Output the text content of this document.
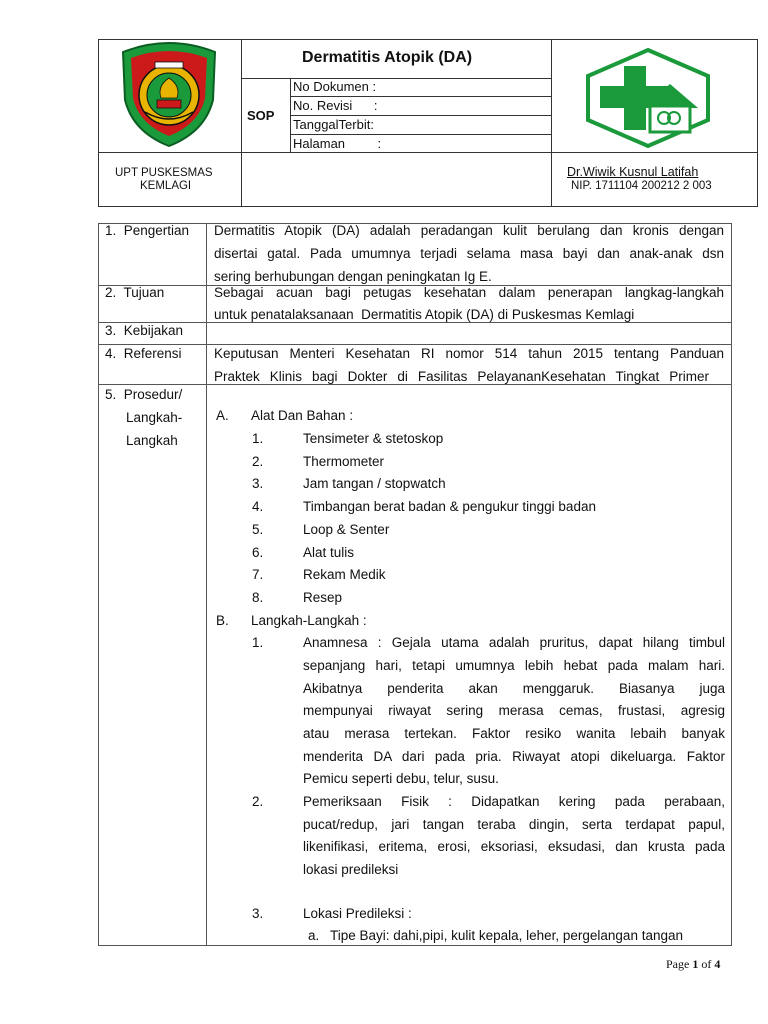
Dermatitis Atopik (DA)
SOP
No Dokumen :
No. Revisi      :
TanggalTerbit:
Halaman         :
UPT PUSKESMAS
KEMLAGI
Dr.Wiwik Kusnul Latifah
NIP. 1711104 200212 2 003
1.  Pengertian Dermatitis Atopik (DA) adalah peradangan kulit berulang dan kronis dengan
disertai gatal. Pada umumnya terjadi selama masa bayi dan anak-anak dsn
sering berhubungan dengan peningkatan Ig E.
2.  Tujuan	Sebagai acuan bagi petugas kesehatan dalam penerapan langkag-langkah
untuk penatalaksanaan  Dermatitis Atopik (DA) di Puskesmas Kemlagi
3.  Kebijakan
4.  Referensi Keputusan Menteri Kesehatan RI nomor 514 tahun 2015 tentang Panduan
Praktek Klinis bagi Dokter di Fasilitas PelayananKesehatan Tingkat Primer
5.  Prosedur/
Langkah-
Langkah
A. Alat Dan Bahan :
1.	Tensimeter & stetoskop
2.	Thermometer
3.	Jam tangan / stopwatch
4.	Timbangan berat badan & pengukur tinggi badan
5.	Loop & Senter
6.	Alat tulis
7.	Rekam Medik
8.	Resep
B. Langkah-Langkah :
1.	Anamnesa : Gejala utama adalah pruritus, dapat hilang timbul
sepanjang hari, tetapi umumnya lebih hebat pada malam hari.
Akibatnya penderita akan menggaruk. Biasanya juga
mempunyai riwayat sering merasa cemas, frustasi, agresig
atau merasa tertekan. Faktor resiko wanita lebaih banyak
menderita DA dari pada pria. Riwayat atopi dikeluarga. Faktor
Pemicu seperti debu, telur, susu.
2.	Pemeriksaan Fisik : Didapatkan kering pada perabaan,
pucat/redup, jari tangan teraba dingin, serta terdapat papul,
likenifikasi, eritema, erosi, eksoriasi, eksudasi, dan krusta pada
lokasi predileksi
3.	Lokasi Predileksi :
a. Tipe Bayi: dahi,pipi, kulit kepala, leher, pergelangan tangan
Page 1 of 4
